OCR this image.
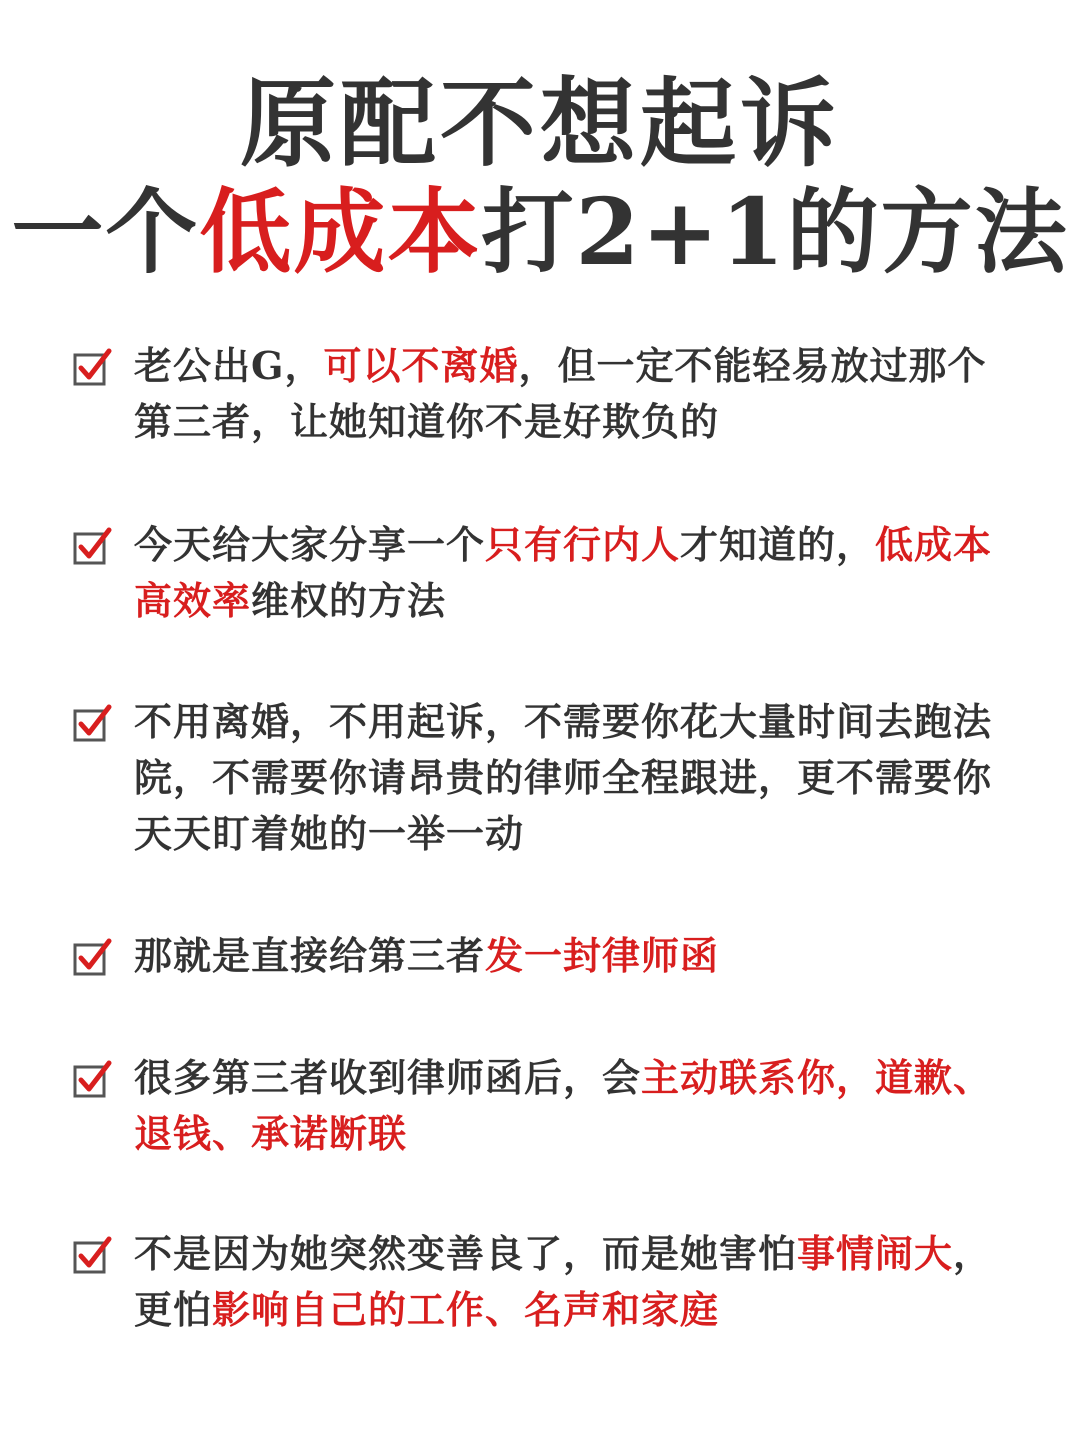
原配不想起诉
一个低成本打2+1的方法
老公出G，可以不离婚，但一定不能轻易放过那个第三者，让她知道你不是好欺负的
今天给大家分享一个只有行内人才知道的，低成本高效率维权的方法
不用离婚，不用起诉，不需要你花大量时间去跑法院，不需要你请昂贵的律师全程跟进，更不需要你天天盯着她的一举一动
那就是直接给第三者发一封律师函
很多第三者收到律师函后，会主动联系你，道歉、退钱、承诺断联
不是因为她突然变善良了，而是她害怕事情闹大，更怕影响自己的工作、名声和家庭
